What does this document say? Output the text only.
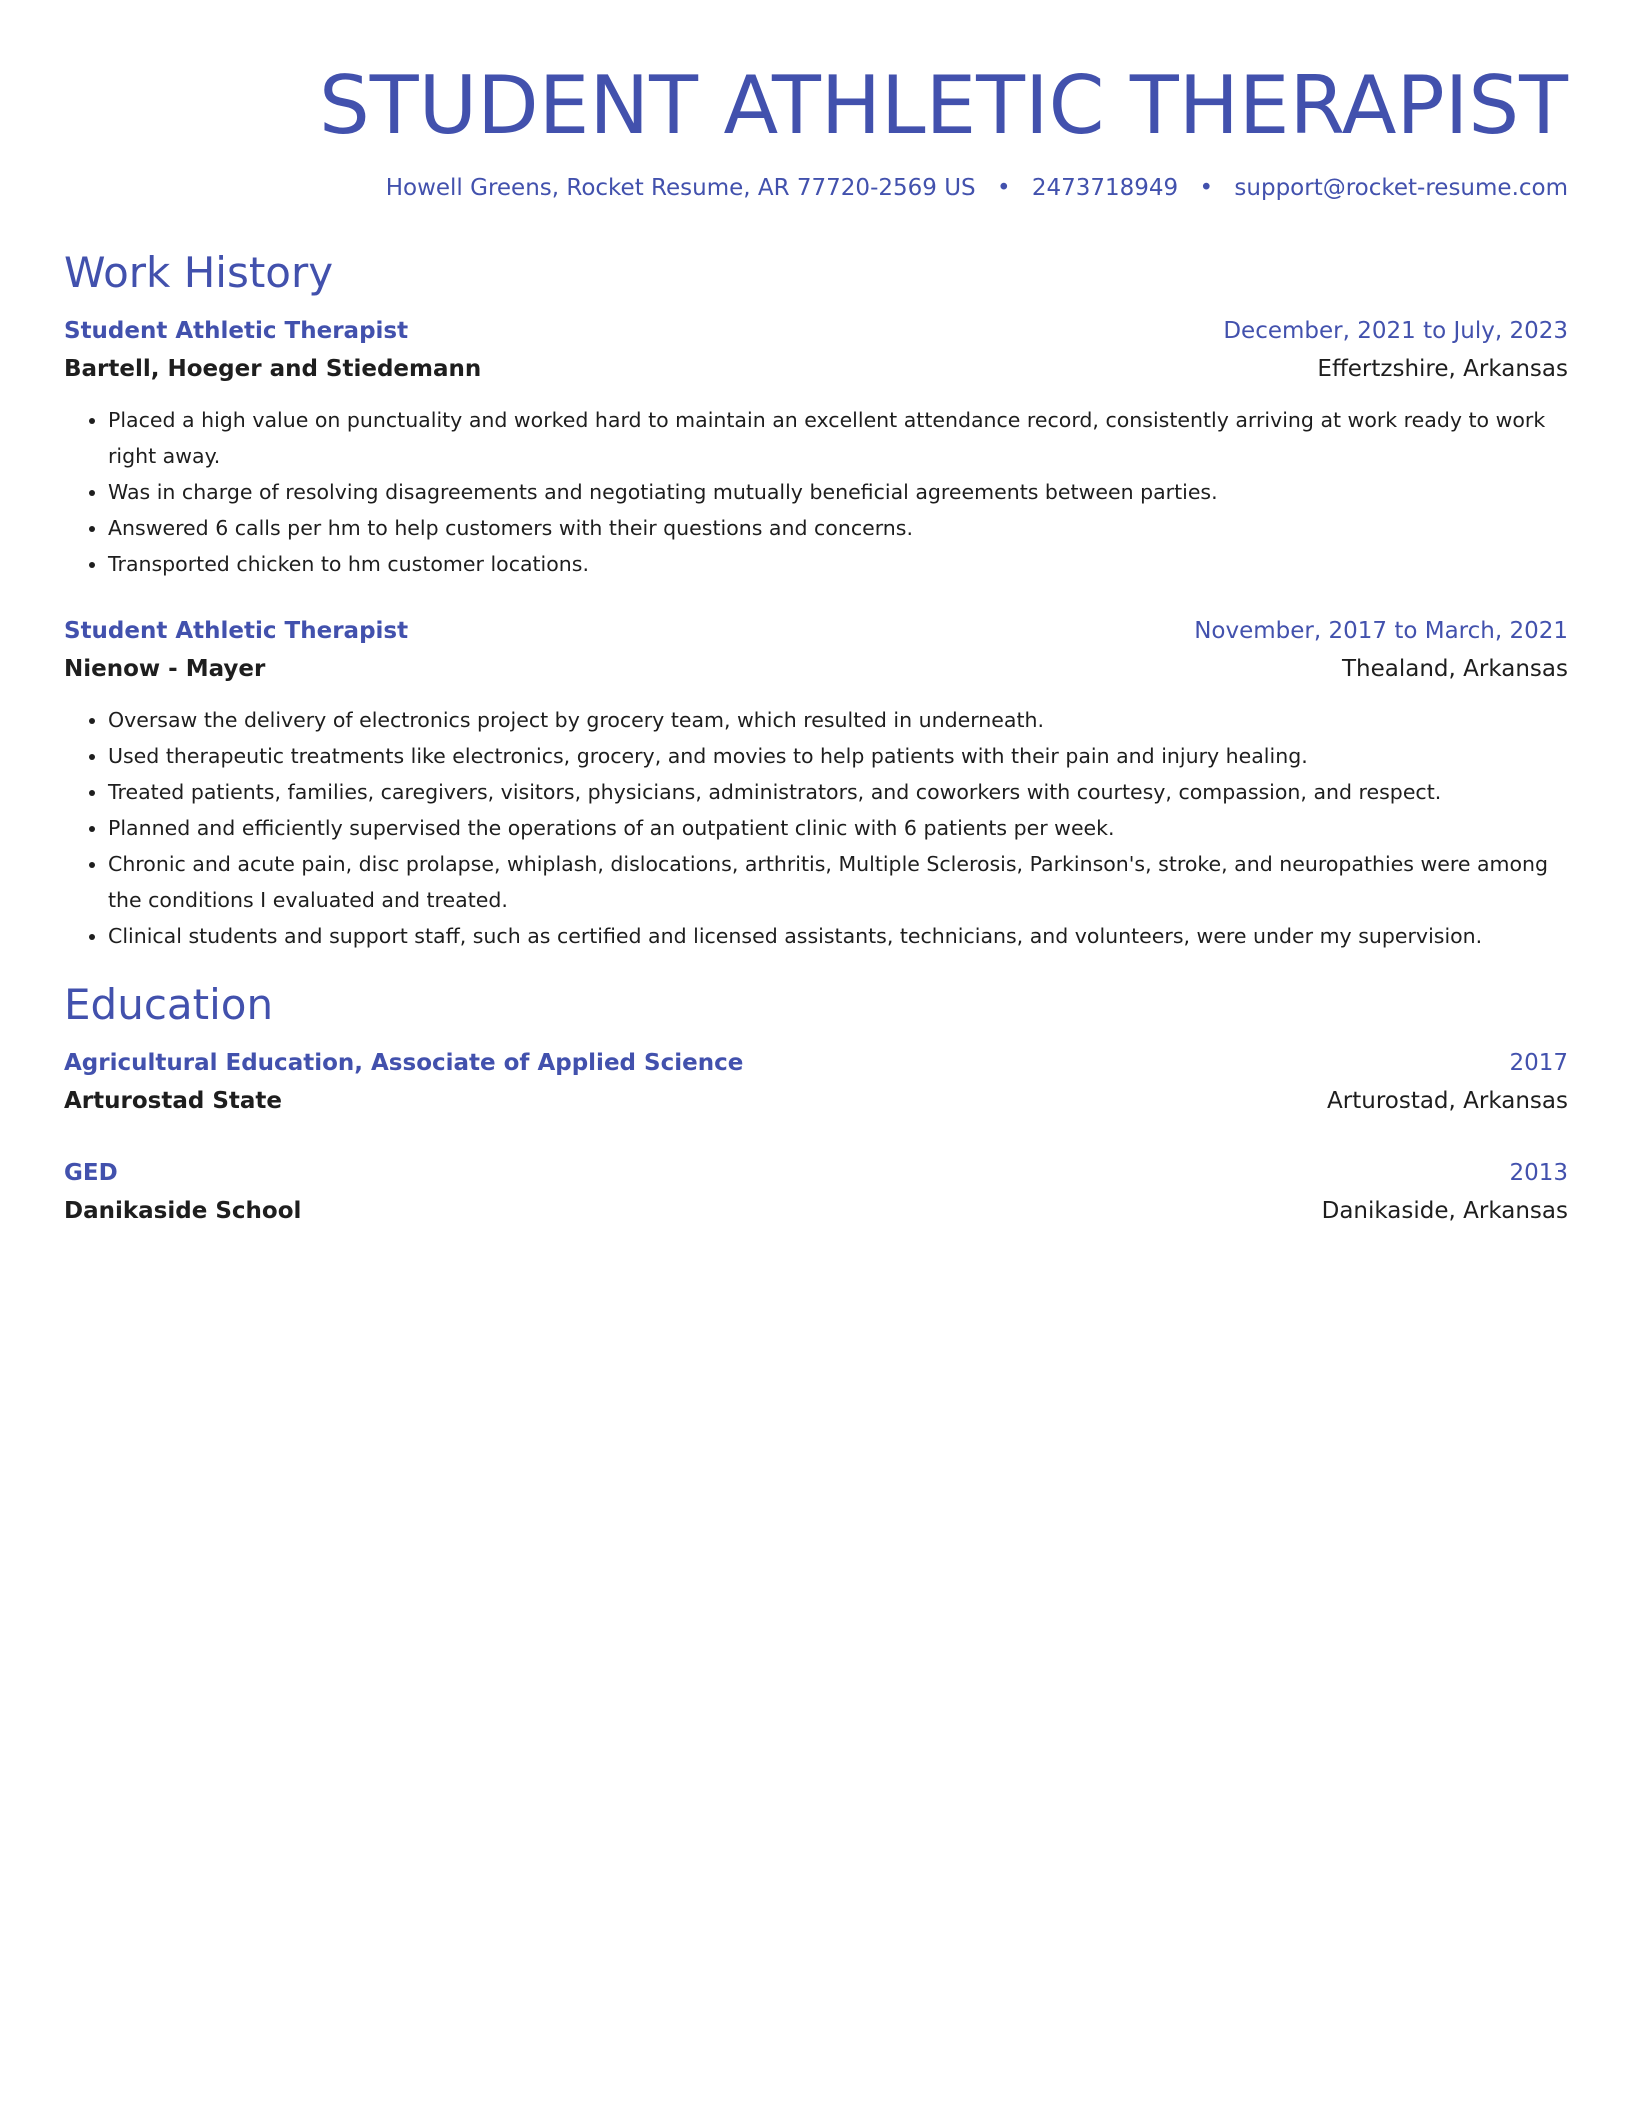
STUDENT ATHLETIC THERAPIST
Howell Greens, Rocket Resume, AR 77720-2569 US • 2473718949 • support@rocket-resume.com
Work History
Student Athletic Therapist	December, 2021 to July, 2023
Bartell, Hoeger and Stiedemann	Effertzshire, Arkansas
• Placed a high value on punctuality and worked hard to maintain an excellent attendance record, consistently arriving at work ready to work right away.
• Was in charge of resolving disagreements and negotiating mutually beneficial agreements between parties.
• Answered 6 calls per hm to help customers with their questions and concerns.
• Transported chicken to hm customer locations.
Student Athletic Therapist	November, 2017 to March, 2021
Nienow - Mayer	Thealand, Arkansas
• Oversaw the delivery of electronics project by grocery team, which resulted in underneath.
• Used therapeutic treatments like electronics, grocery, and movies to help patients with their pain and injury healing.
• Treated patients, families, caregivers, visitors, physicians, administrators, and coworkers with courtesy, compassion, and respect.
• Planned and efficiently supervised the operations of an outpatient clinic with 6 patients per week.
• Chronic and acute pain, disc prolapse, whiplash, dislocations, arthritis, Multiple Sclerosis, Parkinson's, stroke, and neuropathies were among the conditions I evaluated and treated.
• Clinical students and support staff, such as certified and licensed assistants, technicians, and volunteers, were under my supervision.
Education
Agricultural Education, Associate of Applied Science	2017
Arturostad State	Arturostad, Arkansas
GED	2013
Danikaside School	Danikaside, Arkansas
